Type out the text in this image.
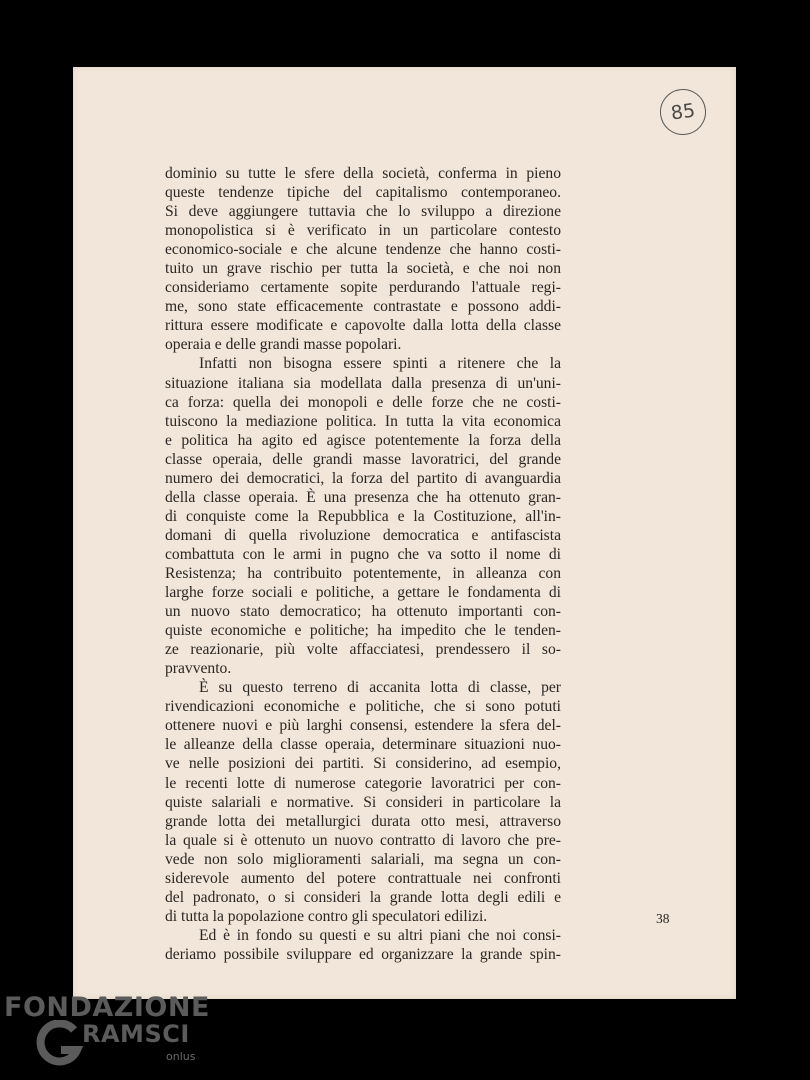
85
dominio su tutte le sfere della società, conferma in pieno
queste tendenze tipiche del capitalismo contemporaneo.
Si deve aggiungere tuttavia che lo sviluppo a direzione
monopolistica si è verificato in un particolare contesto
economico-sociale e che alcune tendenze che hanno costi-
tuito un grave rischio per tutta la società, e che noi non
consideriamo certamente sopite perdurando l'attuale regi-
me, sono state efficacemente contrastate e possono addi-
rittura essere modificate e capovolte dalla lotta della classe
operaia e delle grandi masse popolari.
Infatti non bisogna essere spinti a ritenere che la
situazione italiana sia modellata dalla presenza di un'uni-
ca forza: quella dei monopoli e delle forze che ne costi-
tuiscono la mediazione politica. In tutta la vita economica
e politica ha agito ed agisce potentemente la forza della
classe operaia, delle grandi masse lavoratrici, del grande
numero dei democratici, la forza del partito di avanguardia
della classe operaia. È una presenza che ha ottenuto gran-
di conquiste come la Repubblica e la Costituzione, all'in-
domani di quella rivoluzione democratica e antifascista
combattuta con le armi in pugno che va sotto il nome di
Resistenza; ha contribuito potentemente, in alleanza con
larghe forze sociali e politiche, a gettare le fondamenta di
un nuovo stato democratico; ha ottenuto importanti con-
quiste economiche e politiche; ha impedito che le tenden-
ze reazionarie, più volte affacciatesi, prendessero il so-
pravvento.
È su questo terreno di accanita lotta di classe, per
rivendicazioni economiche e politiche, che si sono potuti
ottenere nuovi e più larghi consensi, estendere la sfera del-
le alleanze della classe operaia, determinare situazioni nuo-
ve nelle posizioni dei partiti. Si considerino, ad esempio,
le recenti lotte di numerose categorie lavoratrici per con-
quiste salariali e normative. Si consideri in particolare la
grande lotta dei metallurgici durata otto mesi, attraverso
la quale si è ottenuto un nuovo contratto di lavoro che pre-
vede non solo miglioramenti salariali, ma segna un con-
siderevole aumento del potere contrattuale nei confronti
del padronato, o si consideri la grande lotta degli edili e
di tutta la popolazione contro gli speculatori edilizi.
Ed è in fondo su questi e su altri piani che noi consi-
deriamo possibile sviluppare ed organizzare la grande spin-
38
FONDAZIONE
RAMSCI
onlus
